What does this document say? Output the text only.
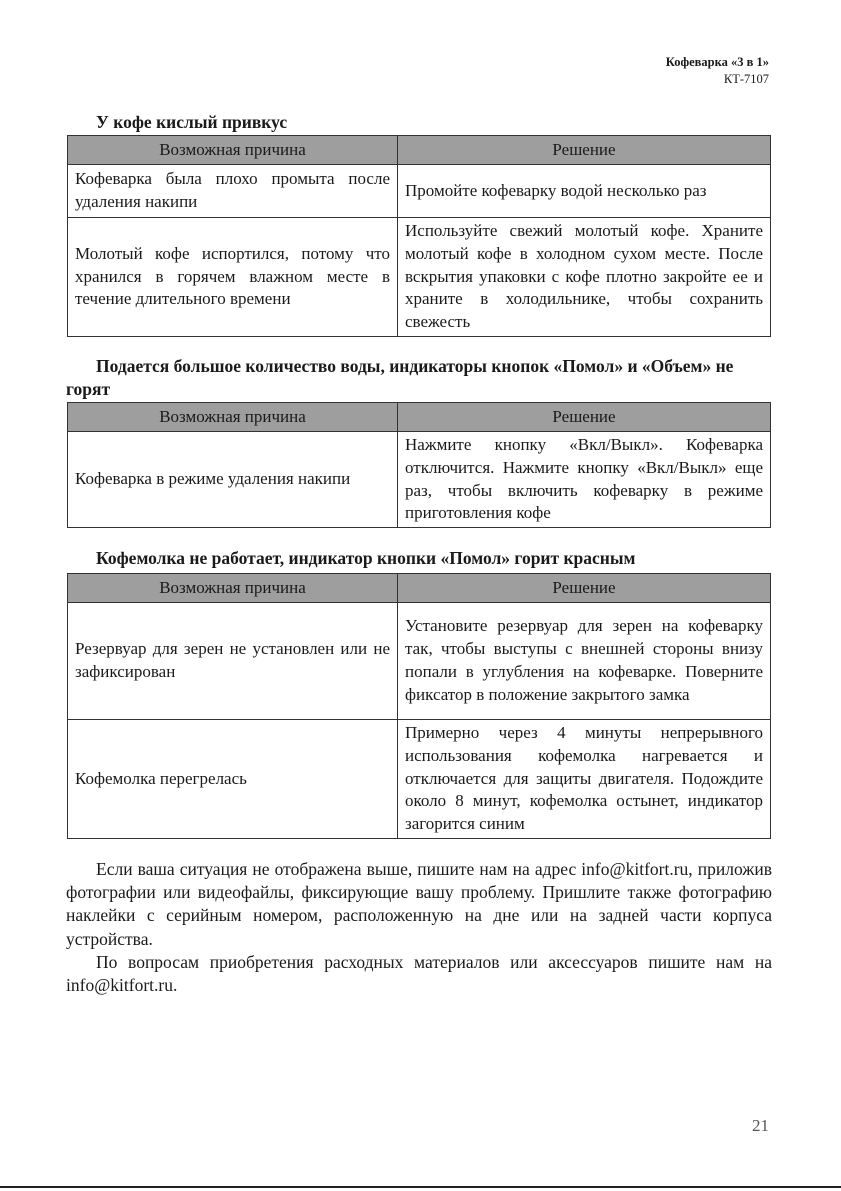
Кофеварка «3 в 1»
КТ-7107
У кофе кислый привкус
Возможная причина	Решение
Кофеварка была плохо промыта после удаления накипи	Промойте кофеварку водой несколько раз
Молотый кофе испортился, потому что хранился в горячем влажном месте в течение длительного времени	Используйте свежий молотый кофе. Храните молотый кофе в холодном сухом месте. После вскрытия упаковки с кофе плотно закройте ее и храните в холодильнике, чтобы сохранить свежесть
Подается большое количество воды, индикаторы кнопок «Помол» и «Объем» не горят
Возможная причина	Решение
Кофеварка в режиме удаления накипи	Нажмите кнопку «Вкл/Выкл». Кофеварка отключится. Нажмите кнопку «Вкл/Выкл» еще раз, чтобы включить кофеварку в режиме приготовления кофе
Кофемолка не работает, индикатор кнопки «Помол» горит красным
Возможная причина	Решение
Резервуар для зерен не установлен или не зафиксирован	Установите резервуар для зерен на кофеварку так, чтобы выступы с внешней стороны внизу попали в углубления на кофеварке. Поверните фиксатор в положение закрытого замка
Кофемолка перегрелась	Примерно через 4 минуты непрерывного использования кофемолка нагревается и отключается для защиты двигателя. Подождите около 8 минут, кофемолка остынет, индикатор загорится синим

Если ваша ситуация не отображена выше, пишите нам на адрес info@kitfort.ru, приложив фотографии или видеофайлы, фиксирующие вашу проблему. Пришлите также фотографию наклейки с серийным номером, расположенную на дне или на задней части корпуса устройства.

По вопросам приобретения расходных материалов или аксессуаров пишите нам на info@kitfort.ru.

21
